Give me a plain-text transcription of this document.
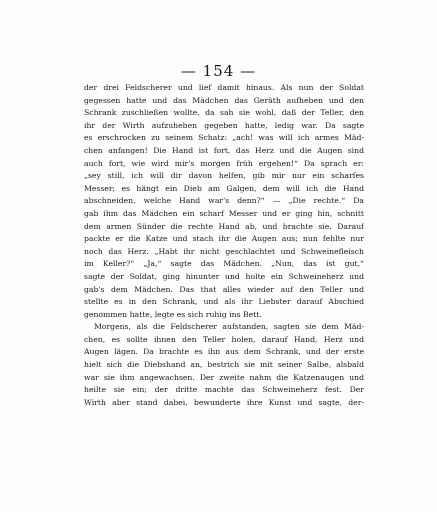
— 154 —
der drei Feldscherer und lief damit hinaus. Als nun der Soldat
gegessen hatte und das Mädchen das Geräth aufheben und den
Schrank zuschließen wollte, da sah sie wohl, daß der Teller, den
ihr der Wirth aufzuheben gegeben hatte, ledig war. Da sagte
es erschrocken zu seinem Schatz: „ach! was will ich armes Mäd-
chen anfangen! Die Hand ist fort, das Herz und die Augen sind
auch fort, wie wird mir's morgen früh ergehen!“ Da sprach er:
„sey still, ich will dir davon helfen, gib mir nur ein scharfes
Messer; es hängt ein Dieb am Galgen, dem will ich die Hand
abschneiden, welche Hand war's denn?“ — „Die rechte.“ Da
gab ihm das Mädchen ein scharf Messer und er ging hin, schnitt
dem armen Sünder die rechte Hand ab, und brachte sie. Darauf
packte er die Katze und stach ihr die Augen aus; nun fehlte nur
noch das Herz. „Habt ihr nicht geschlachtet und Schweinefleisch
im Keller?“ „Ja,“ sagte das Mädchen. „Nun, das ist gut,“
sagte der Soldat, ging hinunter und holte ein Schweineherz und
gab's dem Mädchen. Das that alles wieder auf den Teller und
stellte es in den Schrank, und als ihr Liebster darauf Abschied
genommen hatte, legte es sich ruhig ins Bett.
Morgens, als die Feldscherer aufstanden, sagten sie dem Mäd-
chen, es sollte ihnen den Teller holen, darauf Hand, Herz und
Augen lägen. Da brachte es ihn aus dem Schrank, und der erste
hielt sich die Diebshand an, bestrich sie mit seiner Salbe, alsbald
war sie ihm angewachsen. Der zweite nahm die Katzenaugen und
heilte sie ein; der dritte machte das Schweineherz fest. Der
Wirth aber stand dabei, bewunderte ihre Kunst und sagte, der-
